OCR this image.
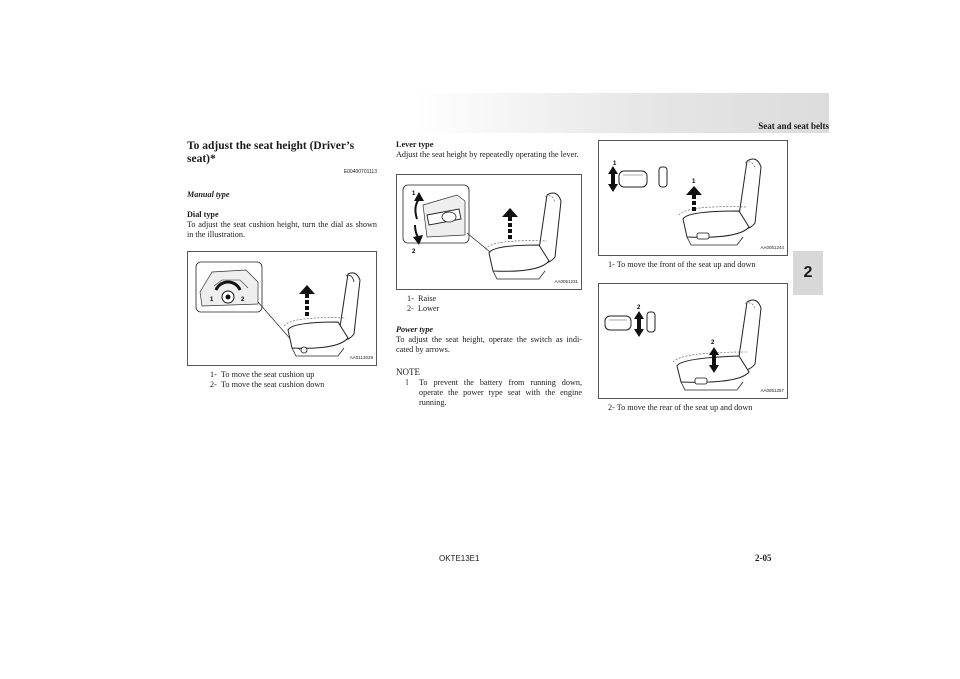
Seat and seat belts
2
To adjust the seat height (Driver’s seat)*
E00400701113
Manual type
Dial type

To adjust the seat cushion height, turn the dial as shown in the illustration.

1	2
AA0113029
1- To move the seat cushion up
2- To move the seat cushion down
Lever type

Adjust the seat height by repeatedly operating the lever.

1
2
AA0051231
1- Raise
2- Lower
Power type

To adjust the seat height, operate the switch as indi-cated by arrows.

NOTE
l	To prevent the battery from running down, operate the power type seat with the engine running.

1
1
AA0051244
1- To move the front of the seat up and down
2
2
AA0051257
2- To move the rear of the seat up and down
OKTE13E1	2-05
